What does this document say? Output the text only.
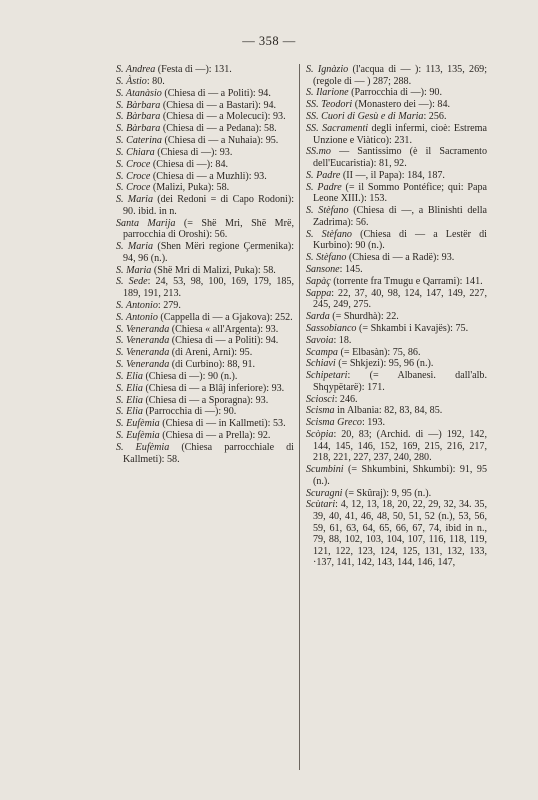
— 358 —
S. Andrea (Festa di —): 131.
S. Àstio: 80.
S. Atanàsio (Chiesa di — a Politi): 94.
S. Bàrbara (Chiesa di — a Bastari): 94.
S. Bàrbara (Chiesa di — a Molecuci): 93.
S. Bàrbara (Chiesa di — a Pedana): 58.
S. Caterina (Chiesa di — a Nuhaia): 95.
S. Chiara (Chiesa di —): 93.
S. Croce (Chiesa di —): 84.
S. Croce (Chiesa di — a Muzhli): 93.
S. Croce (Malizi, Puka): 58.
S. Maria (dei Redoni = di Capo Rodoni): 90. ibid. in n.
Santa Marija (= Shë Mri, Shë Mrë, parrocchia di Oroshi): 56.
S. Maria (Shen Mëri regione Çermenika): 94, 96 (n.).
S. Maria (Shë Mri di Malizi, Puka): 58.
S. Sede: 24, 53, 98, 100, 169, 179, 185, 189, 191, 213.
S. Antonio: 279.
S. Antonio (Cappella di — a Gjakova): 252.
S. Veneranda (Chiesa « all'Argenta): 93.
S. Veneranda (Chiesa di — a Politi): 94.
S. Veneranda (di Areni, Arni): 95.
S. Veneranda (di Curbino): 88, 91.
S. Elia (Chiesa di —): 90 (n.).
S. Elia (Chiesa di — a Blâj inferiore): 93.
S. Elia (Chiesa di — a Sporagna): 93.
S. Elia (Parrocchia di —): 90.
S. Eufèmia (Chiesa di — in Kallmeti): 53.
S. Eufèmia (Chiesa di — a Prella): 92.
S. Eufèmia (Chiesa parrocchiale di Kallmeti): 58.
S. Ignàzio (l'acqua di — ): 113, 135, 269; (regole di — ) 287; 288.
S. Ilarione (Parrocchia di —): 90.
SS. Teodori (Monastero dei —): 84.
SS. Cuori di Gesù e di Maria: 256.
SS. Sacramenti degli infermi, cioè: Estrema Unzione e Viàtico): 231.
SS.mo — Santissimo (è il Sacramento dell'Eucaristia): 81, 92.
S. Padre (II —, il Papa): 184, 187.
S. Padre (= il Sommo Pontéfice; qui: Papa Leone XIII.): 153.
S. Stèfano (Chiesa di —, a Blinishti della Zadrima): 56.
S. Stèfano (Chiesa di — a Lestër di Kurbino): 90 (n.).
S. Stèfano (Chiesa di — a Radë): 93.
Sansone: 145.
Sapàç (torrente fra Tmugu e Qarrami): 141.
Sappa: 22, 37, 40, 98, 124, 147, 149, 227, 245, 249, 275.
Sarda (= Shurdhà): 22.
Sassobianco (= Shkambi i Kavajës): 75.
Savoia: 18.
Scampa (= Elbasàn): 75, 86.
Schiavi (= Shkjezi): 95, 96 (n.).
Schipetari: (= Albanesi. dall'alb. Shqypëtarë): 171.
Sciosci: 246.
Scisma in Albania: 82, 83, 84, 85.
Scisma Greco: 193.
Scòpia: 20, 83; (Archid. di —) 192, 142, 144, 145, 146, 152, 169, 215, 216, 217, 218, 221, 227, 237, 240, 280.
Scumbini (= Shkumbini, Shkumbi): 91, 95 (n.).
Scuragni (= Skûraj): 9, 95 (n.).
Scùtari: 4, 12, 13, 18, 20, 22, 29, 32, 34. 35, 39, 40, 41, 46, 48, 50, 51, 52 (n.), 53, 56, 59, 61, 63, 64, 65, 66, 67, 74, ibid in n., 79, 88, 102, 103, 104, 107, 116, 118, 119, 121, 122, 123, 124, 125, 131, 132, 133, ·137, 141, 142, 143, 144, 146, 147,
